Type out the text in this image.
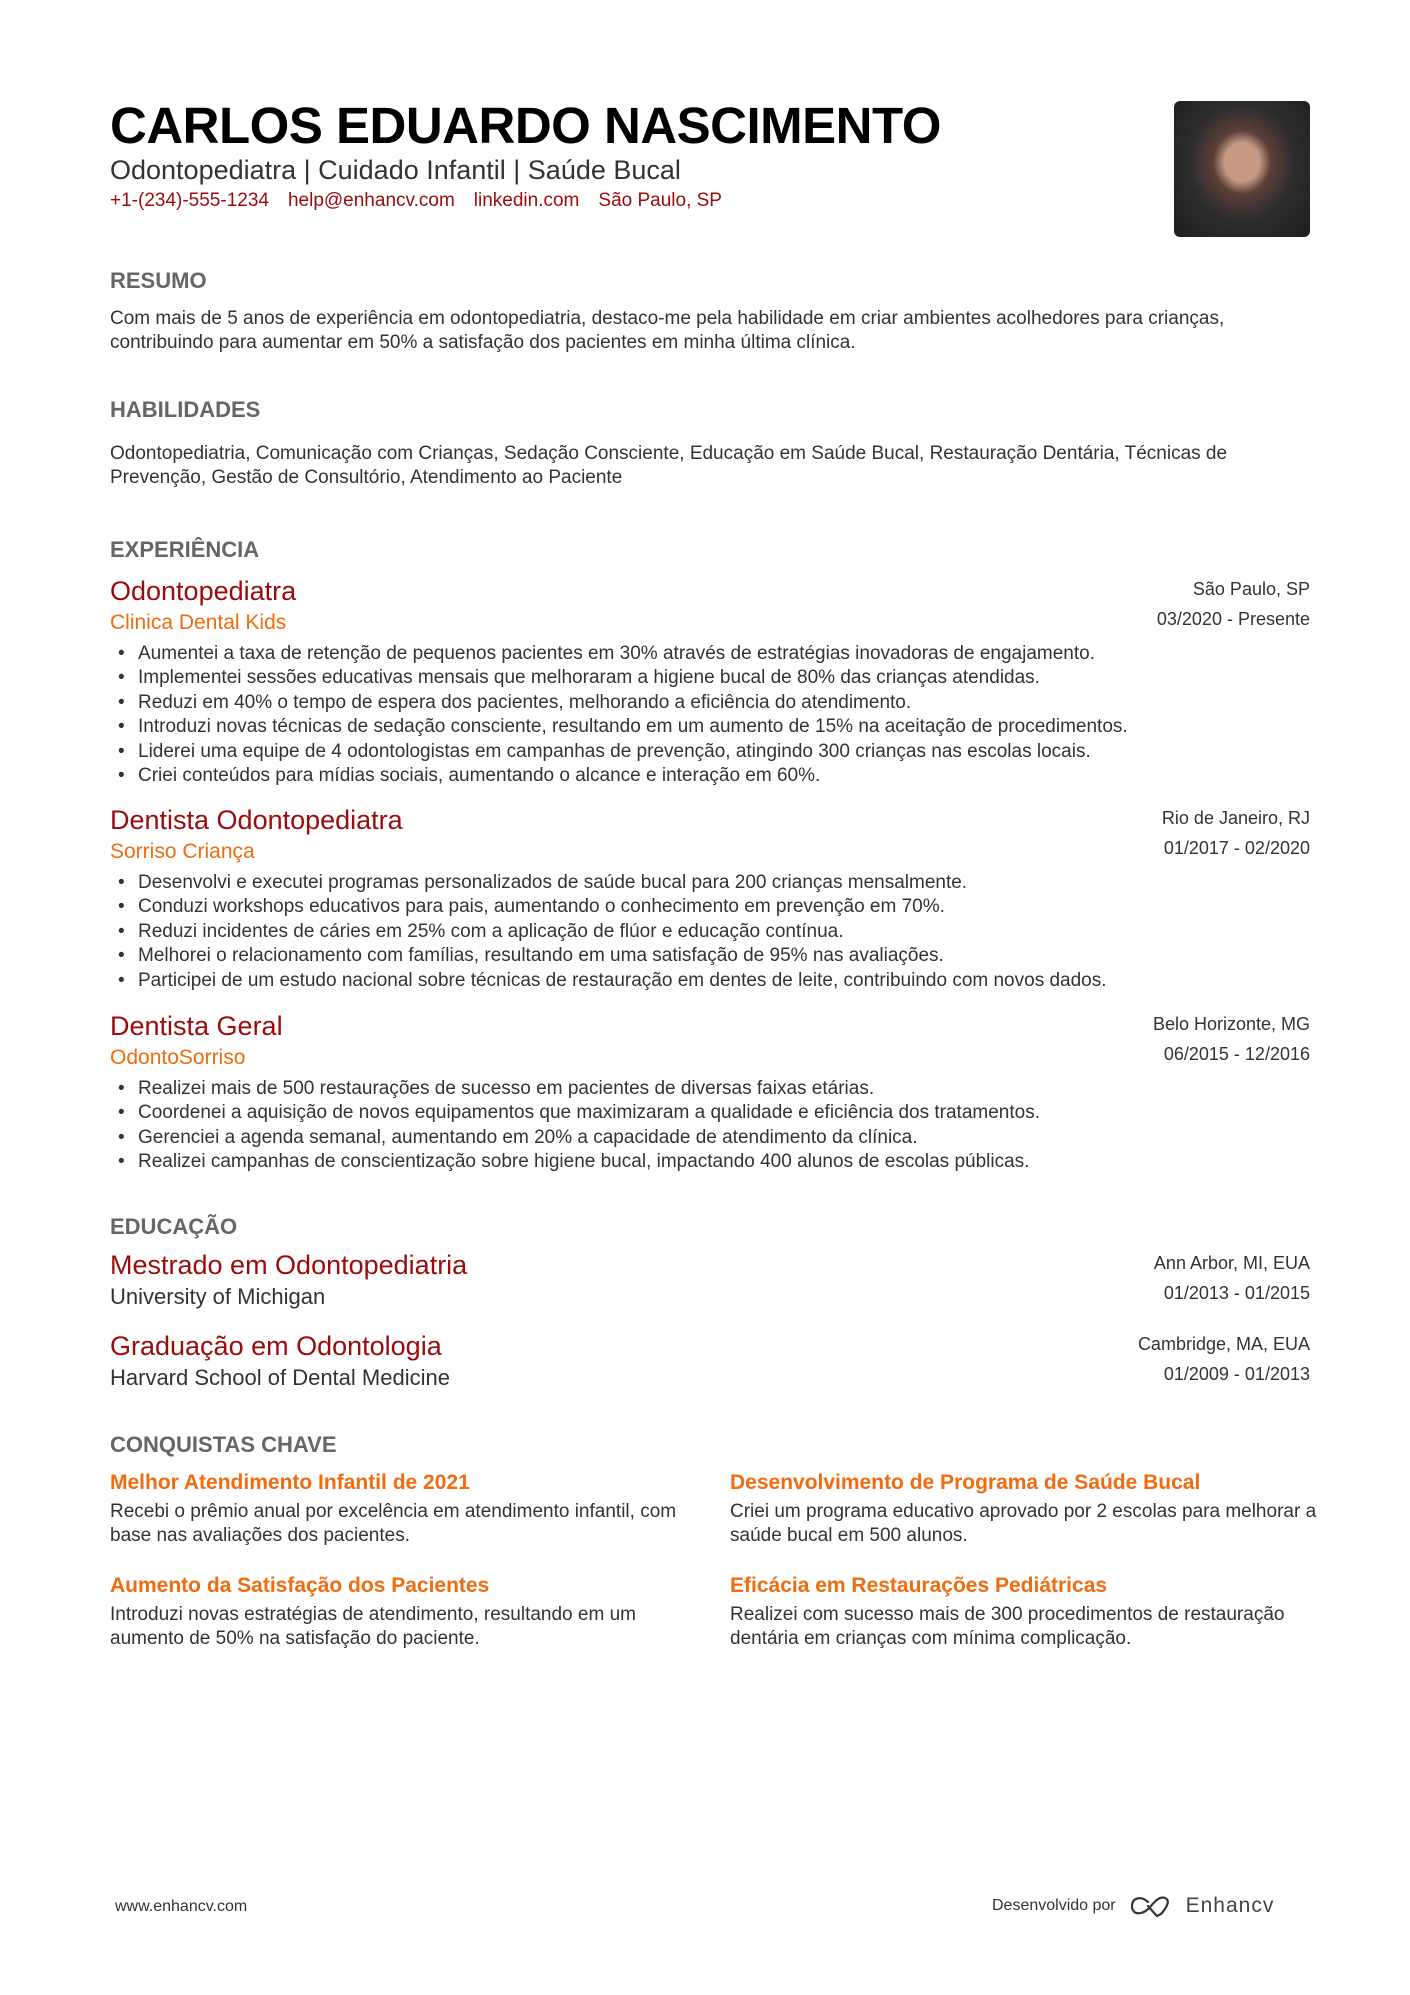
CARLOS EDUARDO NASCIMENTO
Odontopediatra | Cuidado Infantil | Saúde Bucal
+1-(234)-555-1234 help@enhancv.com linkedin.com São Paulo, SP
RESUMO
Com mais de 5 anos de experiência em odontopediatria, destaco-me pela habilidade em criar ambientes acolhedores para crianças, contribuindo para aumentar em 50% a satisfação dos pacientes em minha última clínica.
HABILIDADES
Odontopediatria, Comunicação com Crianças, Sedação Consciente, Educação em Saúde Bucal, Restauração Dentária, Técnicas de Prevenção, Gestão de Consultório, Atendimento ao Paciente
EXPERIÊNCIA
Odontopediatra
Clinica Dental Kids
São Paulo, SP
03/2020 - Presente
• Aumentei a taxa de retenção de pequenos pacientes em 30% através de estratégias inovadoras de engajamento.
• Implementei sessões educativas mensais que melhoraram a higiene bucal de 80% das crianças atendidas.
• Reduzi em 40% o tempo de espera dos pacientes, melhorando a eficiência do atendimento.
• Introduzi novas técnicas de sedação consciente, resultando em um aumento de 15% na aceitação de procedimentos.
• Liderei uma equipe de 4 odontologistas em campanhas de prevenção, atingindo 300 crianças nas escolas locais.
• Criei conteúdos para mídias sociais, aumentando o alcance e interação em 60%.
Dentista Odontopediatra
Sorriso Criança
Rio de Janeiro, RJ
01/2017 - 02/2020
• Desenvolvi e executei programas personalizados de saúde bucal para 200 crianças mensalmente.
• Conduzi workshops educativos para pais, aumentando o conhecimento em prevenção em 70%.
• Reduzi incidentes de cáries em 25% com a aplicação de flúor e educação contínua.
• Melhorei o relacionamento com famílias, resultando em uma satisfação de 95% nas avaliações.
• Participei de um estudo nacional sobre técnicas de restauração em dentes de leite, contribuindo com novos dados.
Dentista Geral
OdontoSorriso
Belo Horizonte, MG
06/2015 - 12/2016
• Realizei mais de 500 restaurações de sucesso em pacientes de diversas faixas etárias.
• Coordenei a aquisição de novos equipamentos que maximizaram a qualidade e eficiência dos tratamentos.
• Gerenciei a agenda semanal, aumentando em 20% a capacidade de atendimento da clínica.
• Realizei campanhas de conscientização sobre higiene bucal, impactando 400 alunos de escolas públicas.
EDUCAÇÃO
Mestrado em Odontopediatria
University of Michigan
Ann Arbor, MI, EUA
01/2013 - 01/2015
Graduação em Odontologia
Harvard School of Dental Medicine
Cambridge, MA, EUA
01/2009 - 01/2013
CONQUISTAS CHAVE
Melhor Atendimento Infantil de 2021
Recebi o prêmio anual por excelência em atendimento infantil, com base nas avaliações dos pacientes.
Desenvolvimento de Programa de Saúde Bucal
Criei um programa educativo aprovado por 2 escolas para melhorar a saúde bucal em 500 alunos.
Aumento da Satisfação dos Pacientes
Introduzi novas estratégias de atendimento, resultando em um aumento de 50% na satisfação do paciente.
Eficácia em Restaurações Pediátricas
Realizei com sucesso mais de 300 procedimentos de restauração dentária em crianças com mínima complicação.
www.enhancv.com	Desenvolvido por	Enhancv
